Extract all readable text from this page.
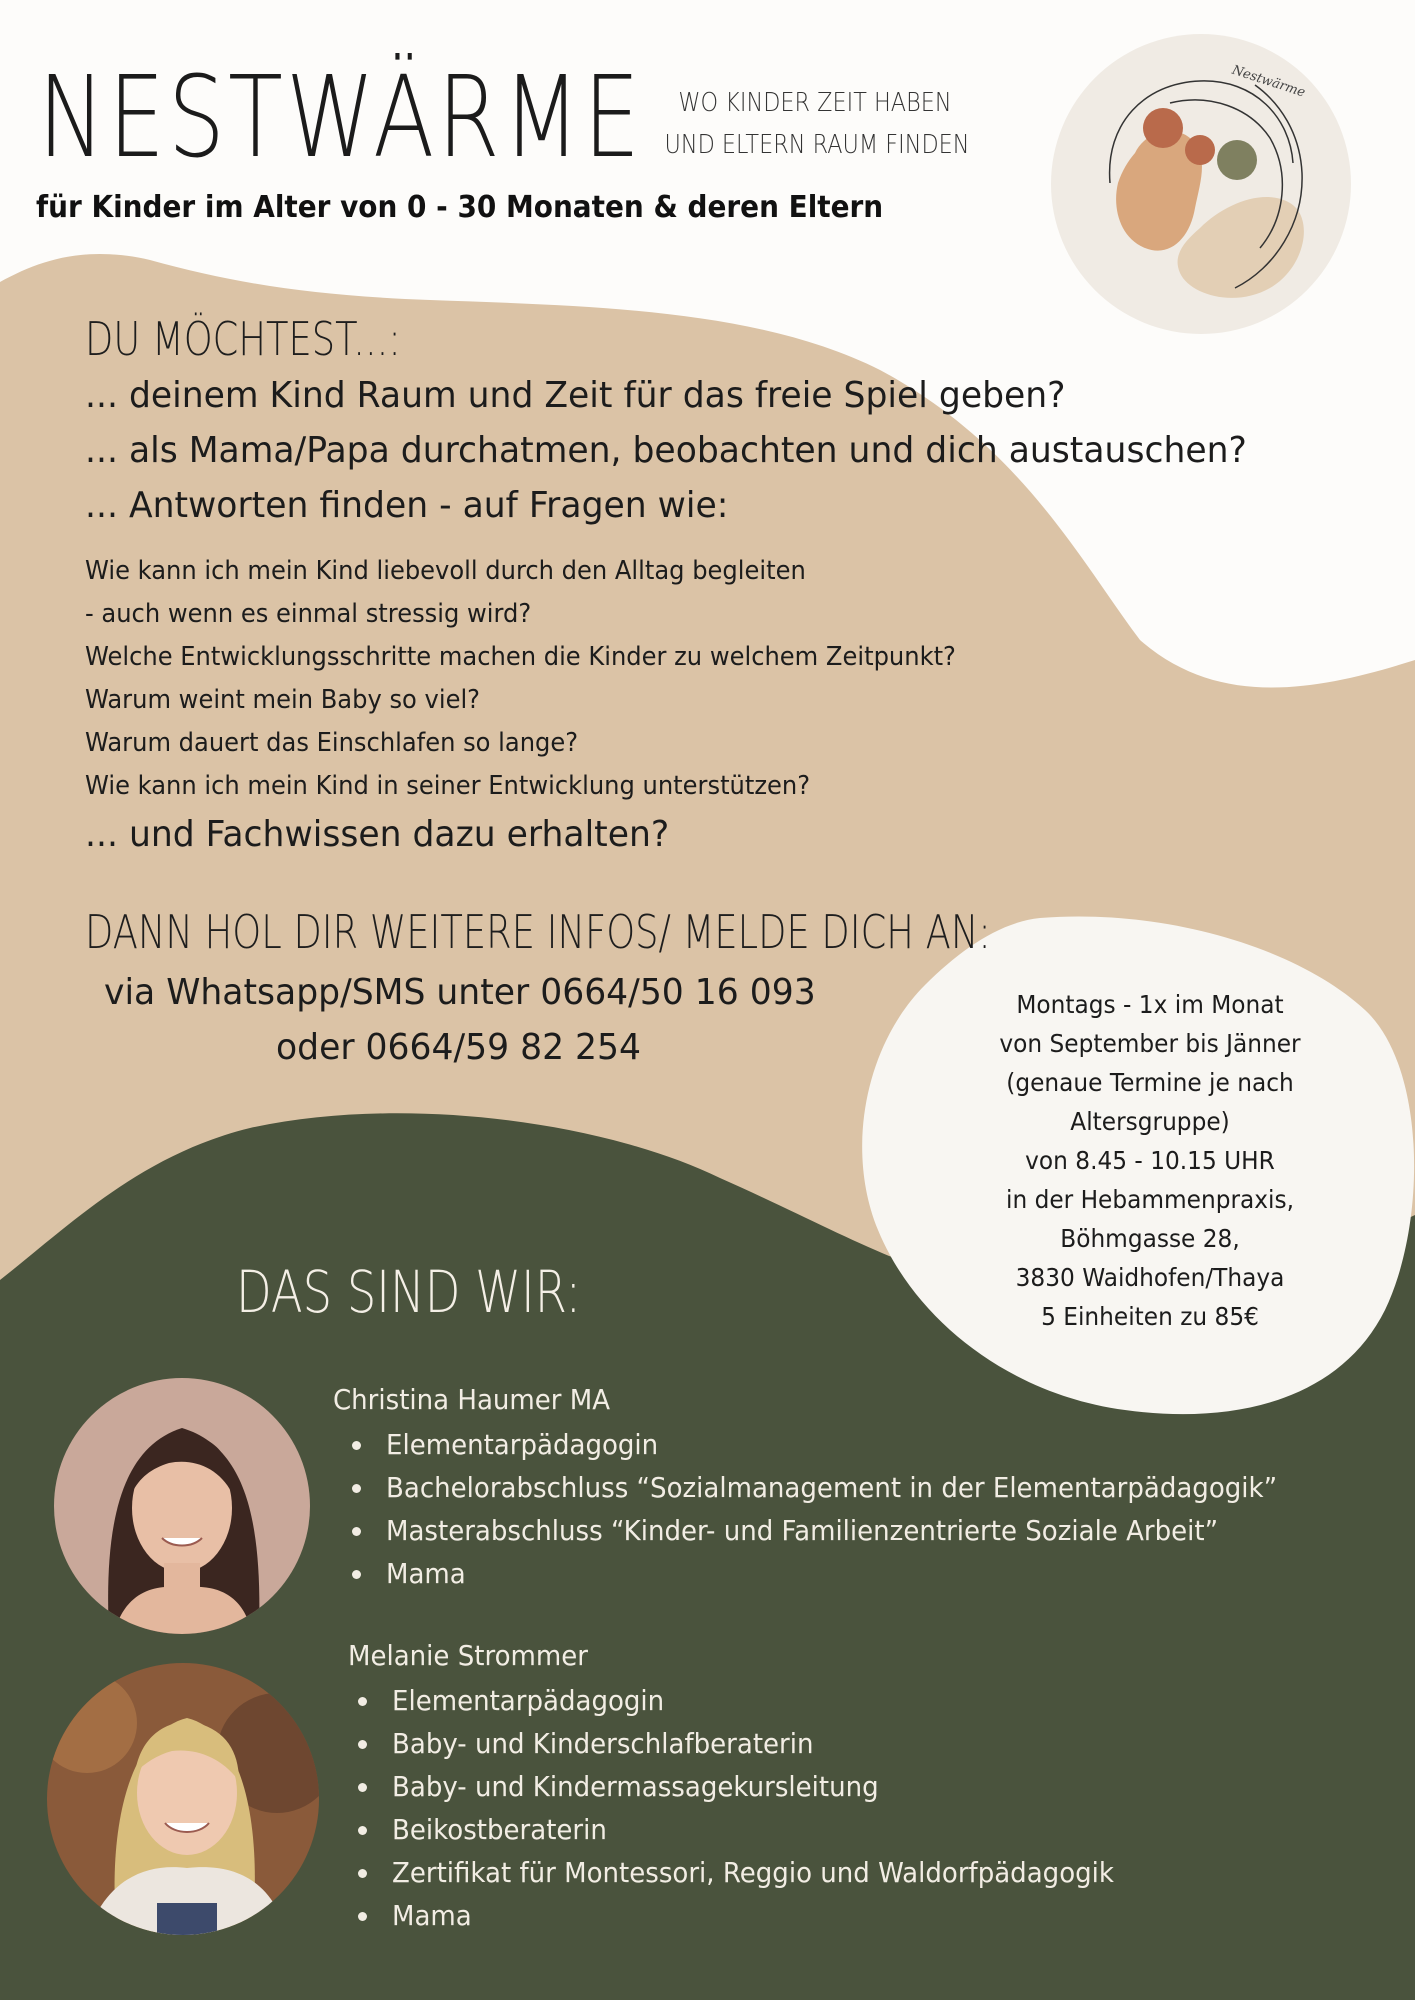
NESTWÄRME	WO KINDER ZEIT HABEN
UND ELTERN RAUM FINDEN
für Kinder im Alter von 0 - 30 Monaten & deren Eltern
Nestwärme
DU MÖCHTEST...:
... deinem Kind Raum und Zeit für das freie Spiel geben?
... als Mama/Papa durchatmen, beobachten und dich austauschen?
... Antworten finden - auf Fragen wie:
Wie kann ich mein Kind liebevoll durch den Alltag begleiten
- auch wenn es einmal stressig wird?
Welche Entwicklungsschritte machen die Kinder zu welchem Zeitpunkt?
Warum weint mein Baby so viel?
Warum dauert das Einschlafen so lange?
Wie kann ich mein Kind in seiner Entwicklung unterstützen?
... und Fachwissen dazu erhalten?
DANN HOL DIR WEITERE INFOS/ MELDE DICH AN:
via Whatsapp/SMS unter 0664/50 16 093
oder 0664/59 82 254
Montags - 1x im Monat
von September bis Jänner
(genaue Termine je nach
Altersgruppe)
von 8.45 - 10.15 UHR
in der Hebammenpraxis,
Böhmgasse 28,
3830 Waidhofen/Thaya
5 Einheiten zu 85€
DAS SIND WIR:
Christina Haumer MA
Elementarpädagogin
Bachelorabschluss “Sozialmanagement in der Elementarpädagogik”
Masterabschluss “Kinder- und Familienzentrierte Soziale Arbeit”
Mama
Melanie Strommer
Elementarpädagogin
Baby- und Kinderschlafberaterin
Baby- und Kindermassagekursleitung
Beikostberaterin
Zertifikat für Montessori, Reggio und Waldorfpädagogik
Mama
